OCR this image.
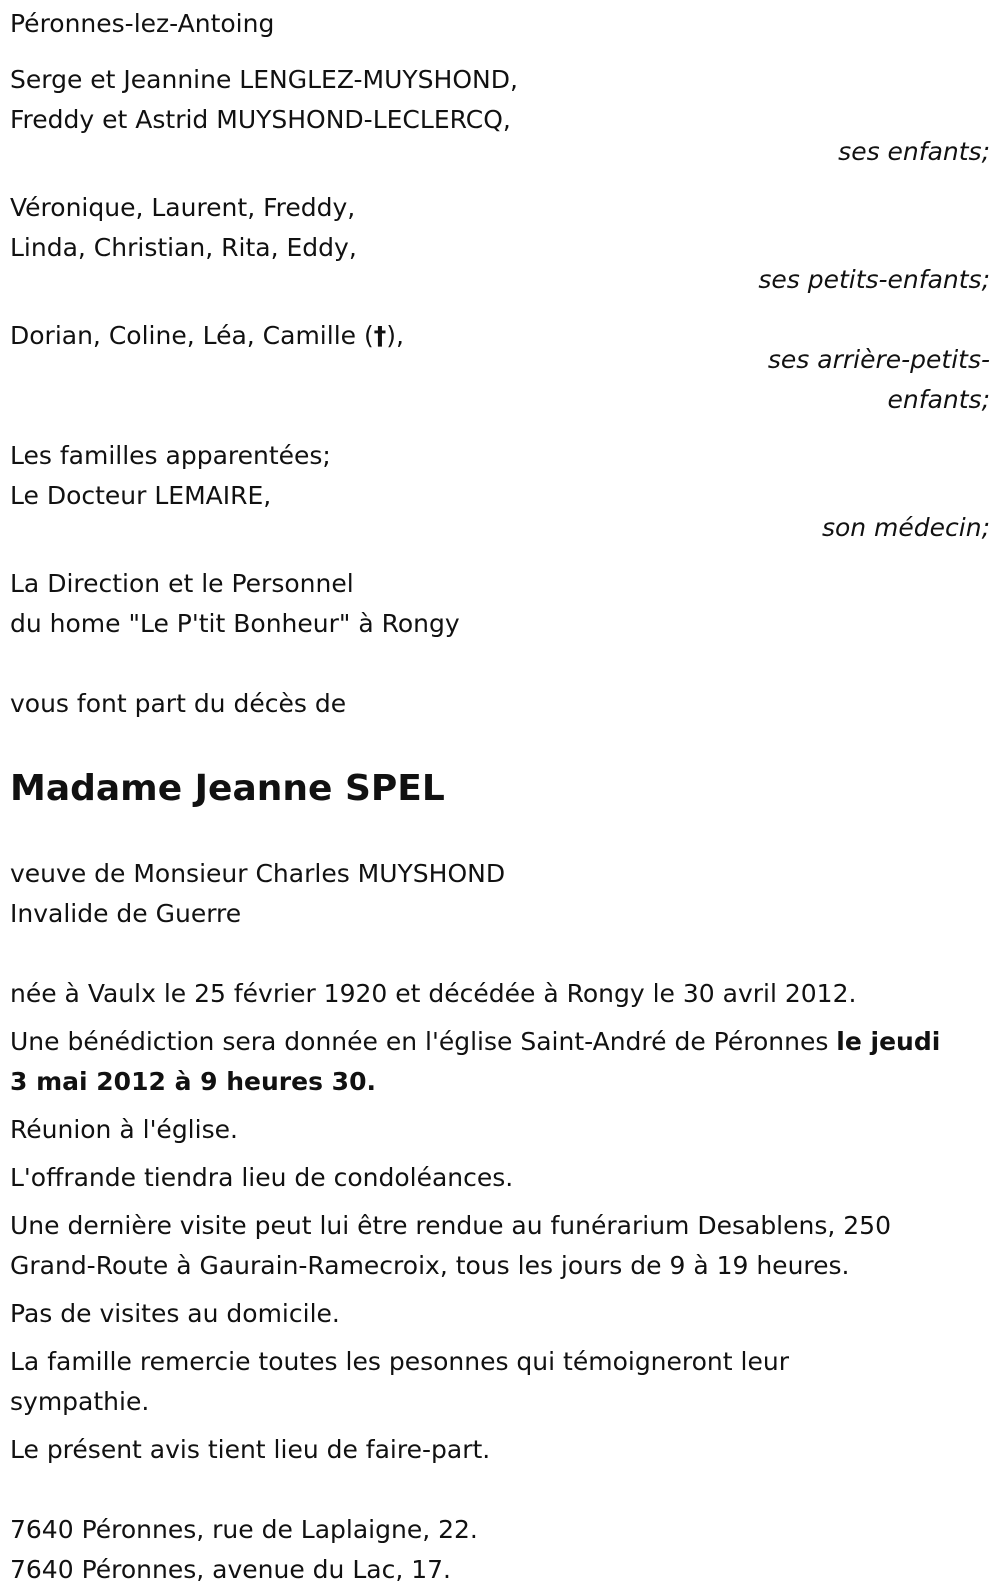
Péronnes-lez-Antoing

Serge et Jeannine LENGLEZ-MUYSHOND,

Freddy et Astrid MUYSHOND-LECLERCQ,

ses enfants;

Véronique, Laurent, Freddy,

Linda, Christian, Rita, Eddy,

ses petits-enfants;

Dorian, Coline, Léa, Camille (†),

ses arrière-petits-

enfants;

Les familles apparentées;

Le Docteur LEMAIRE,

son médecin;

La Direction et le Personnel

du home "Le P'tit Bonheur" à Rongy

vous font part du décès de

Madame Jeanne SPEL

veuve de Monsieur Charles MUYSHOND

Invalide de Guerre

née à Vaulx le 25 février 1920 et décédée à Rongy le 30 avril 2012.

Une bénédiction sera donnée en l'église Saint-André de Péronnes le jeudi
3 mai 2012 à 9 heures 30.

Réunion à l'église.

L'offrande tiendra lieu de condoléances.

Une dernière visite peut lui être rendue au funérarium Desablens, 250
Grand-Route à Gaurain-Ramecroix, tous les jours de 9 à 19 heures.

Pas de visites au domicile.

La famille remercie toutes les pesonnes qui témoigneront leur
sympathie.

Le présent avis tient lieu de faire-part.

7640 Péronnes, rue de Laplaigne, 22.

7640 Péronnes, avenue du Lac, 17.
